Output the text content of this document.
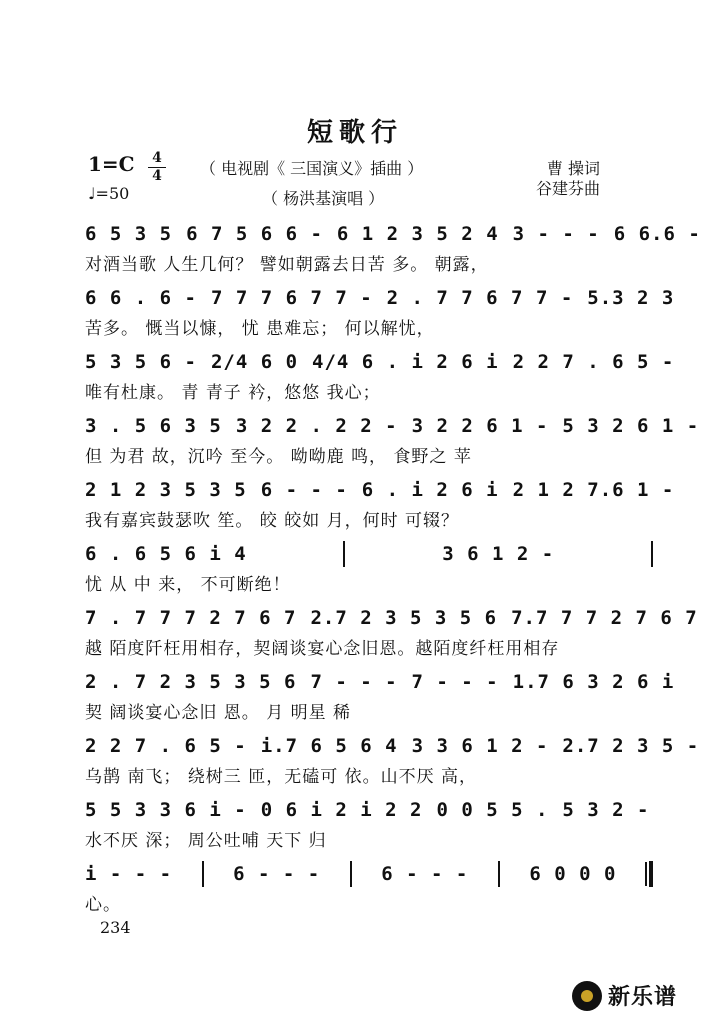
短歌行
1=C 4
4 （ 电视剧《 三国演义》插曲 ）
♩=50	（ 杨洪基演唱 ）
曹 操词
谷建芬曲
6 5 3 5 6 7 5 6 6 - 6 1 2 3 5 2 4 3 - - - 6 6.6 -
对酒当歌 人生几何？ 譬如朝露去日苦 多。 朝露，
6 6 . 6 - 7 7 7 6 7 7 - 2 . 7 7 6 7 7 - 5.3 2 3
苦多。 慨当以慷， 忧 患难忘； 何以解忧，
5 3 5 6 - 2/4 6 0 4/4 6 . i 2 6 i 2 2 7 . 6 5 -
唯有杜康。 青 青子 衿，悠悠 我心；
3 . 5 6 3 5 3 2 2 . 2 2 - 3 2 2 6 1 - 5 3 2 6 1 -
但 为君 故，沉吟 至今。 呦呦鹿 鸣， 食野之 苹
2 1 2 3 5 3 5 6 - - - 6 . i 2 6 i 2 1 2 7.6 1 -
我有嘉宾鼓瑟吹 笙。 皎 皎如 月，何时 可辍？
6 . 6 5 6 i 4	3 6 1 2 -
忧 从 中 来， 不可断绝！
7 . 7 7 7 2 7 6 7 2.7 2 3 5 3 5 6 7.7 7 7 2 7 6 7
越 陌度阡枉用相存，契阔谈宴心念旧恩。越陌度纤枉用相存
2 . 7 2 3 5 3 5 6 7 - - - 7 - - - 1.7 6 3 2 6 i
契 阔谈宴心念旧 恩。 月 明星 稀
2 2 7 . 6 5 - i.7 6 5 6 4 3 3 6 1 2 - 2.7 2 3 5 -
乌鹊 南飞； 绕树三 匝，无磕可 依。山不厌 高，
5 5 3 3 6 i - 0 6 i 2 i 2 2 0 0 5 5 . 5 3 2 -
水不厌 深； 周公吐哺 天下 归
i - - -	6 - - -	6 - - -	6 0 0 0
心。
234
新乐谱
